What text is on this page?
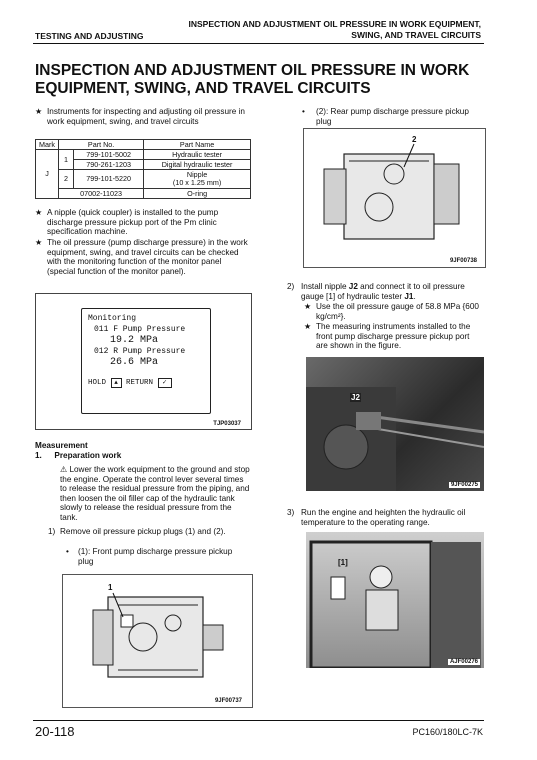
TESTING AND ADJUSTING
INSPECTION AND ADJUSTMENT OIL PRESSURE IN WORK EQUIPMENT,
SWING, AND TRAVEL CIRCUITS
INSPECTION AND ADJUSTMENT OIL PRESSURE IN WORK
EQUIPMENT, SWING, AND TRAVEL CIRCUITS
★ Instruments for inspecting and adjusting oil pressure in work equipment, swing, and travel circuits
Mark	Part No.		Part Name
J	1	799-101-5002	Hydraulic tester
		790-261-1203	Digital hydraulic tester
	2	799-101-5220	Nipple
(10 x 1.25 mm)

	07002-11023		O-ring
★ A nipple (quick coupler) is installed to the pump discharge pressure pickup port of the Pm clinic specification machine.
★ The oil pressure (pump discharge pressure) in the work equipment, swing, and travel circuits can be checked with the monitoring function of the monitor panel (special function of the monitor panel).
Monitoring
011 F Pump Pressure
19.2 MPa
012 R Pump Pressure
26.6 MPa
HOLD ▲ RETURN ✓
TJP03037
Measurement
1. Preparation work
⚠ Lower the work equipment to the ground and stop the engine. Operate the control lever several times to release the residual pressure from the piping, and then loosen the oil filler cap of the hydraulic tank slowly to release the residual pressure from the tank.
1) Remove oil pressure pickup plugs (1) and (2).
• (1): Front pump discharge pressure pickup plug
1
9JF00737
• (2): Rear pump discharge pressure pickup plug
2
9JF00738
2) Install nipple J2 and connect it to oil pressure gauge [1] of hydraulic tester J1.
★ Use the oil pressure gauge of 58.8 MPa {600 kg/cm²}.
★ The measuring instruments installed to the front pump discharge pressure pickup port are shown in the figure.
J2
9JF00275
3) Run the engine and heighten the hydraulic oil temperature to the operating range.
[1]
AJF00276
20-118	PC160/180LC-7K
